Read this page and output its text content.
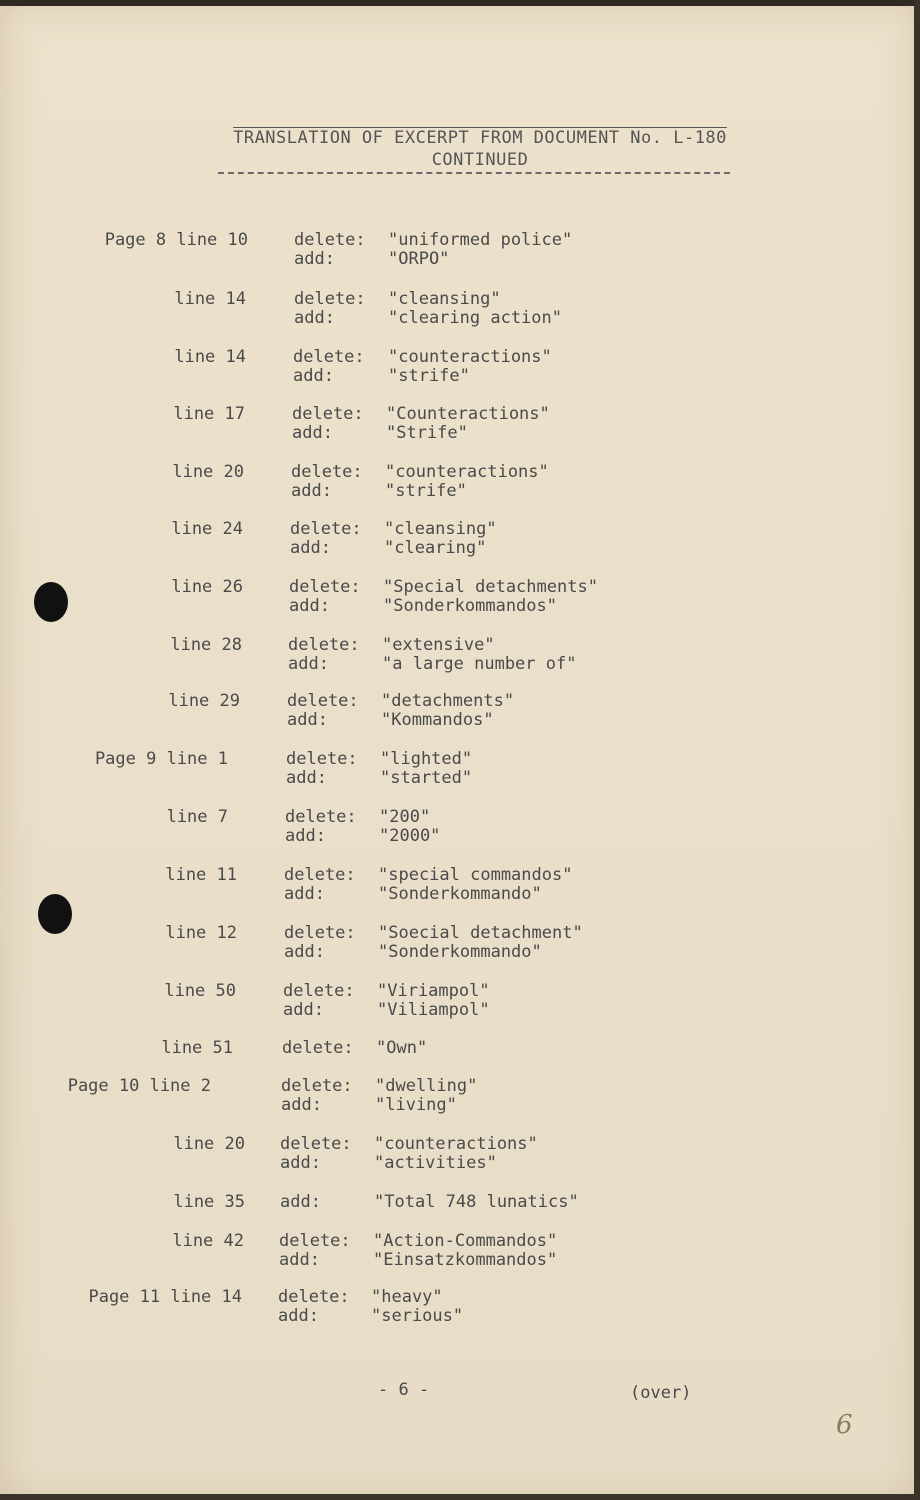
TRANSLATION OF EXCERPT FROM DOCUMENT No. L-180
CONTINUED
Page 8 line 10	delete: "uniformed police"
add:	"ORPO"
line 14	delete: "cleansing"
add:	"clearing action"
line 14	delete: "counteractions"
add:	"strife"
line 17	delete: "Counteractions"
add:	"Strife"
line 20	delete: "counteractions"
add:	"strife"
line 24	delete: "cleansing"
add:	"clearing"
line 26	delete: "Special detachments"
add:	"Sonderkommandos"
line 28	delete: "extensive"
add:	"a large number of"
line 29	delete: "detachments"
add:	"Kommandos"
Page 9 line 1	delete: "lighted"
add:	"started"
line 7	delete: "200"
add:	"2000"
line 11	delete: "special commandos"
add:	"Sonderkommando"
line 12	delete: "Soecial detachment"
add:	"Sonderkommando"
line 50	delete: "Viriampol"
add:	"Viliampol"
line 51	delete: "Own"
Page 10 line 2	delete: "dwelling"
add:	"living"
line 20 delete: "counteractions"
add:	"activities"
line 35 add:	"Total 748 lunatics"
line 42 delete: "Action-Commandos"
add:	"Einsatzkommandos"
Page 11 line 14 delete: "heavy"
add:	"serious"
- 6 -	(over)
6
